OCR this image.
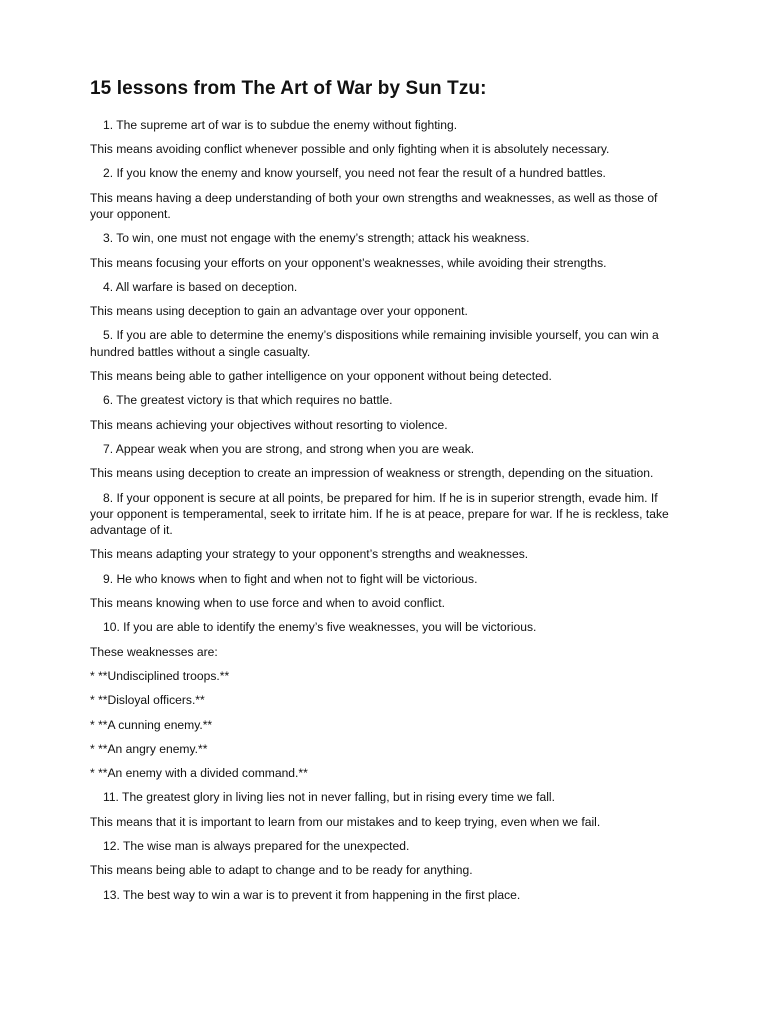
15 lessons from The Art of War by Sun Tzu:

1. The supreme art of war is to subdue the enemy without fighting.

This means avoiding conflict whenever possible and only fighting when it is absolutely necessary.

2. If you know the enemy and know yourself, you need not fear the result of a hundred battles.

This means having a deep understanding of both your own strengths and weaknesses, as well as those of your opponent.

3. To win, one must not engage with the enemy’s strength; attack his weakness.

This means focusing your efforts on your opponent’s weaknesses, while avoiding their strengths.

4. All warfare is based on deception.

This means using deception to gain an advantage over your opponent.

5. If you are able to determine the enemy’s dispositions while remaining invisible yourself, you can win a hundred battles without a single casualty.

This means being able to gather intelligence on your opponent without being detected.

6. The greatest victory is that which requires no battle.

This means achieving your objectives without resorting to violence.

7. Appear weak when you are strong, and strong when you are weak.

This means using deception to create an impression of weakness or strength, depending on the situation.

8. If your opponent is secure at all points, be prepared for him. If he is in superior strength, evade him. If your opponent is temperamental, seek to irritate him. If he is at peace, prepare for war. If he is reckless, take advantage of it.

This means adapting your strategy to your opponent’s strengths and weaknesses.

9. He who knows when to fight and when not to fight will be victorious.

This means knowing when to use force and when to avoid conflict.

10. If you are able to identify the enemy’s five weaknesses, you will be victorious.

These weaknesses are:

* **Undisciplined troops.**

* **Disloyal officers.**

* **A cunning enemy.**

* **An angry enemy.**

* **An enemy with a divided command.**

11. The greatest glory in living lies not in never falling, but in rising every time we fall.

This means that it is important to learn from our mistakes and to keep trying, even when we fail.

12. The wise man is always prepared for the unexpected.

This means being able to adapt to change and to be ready for anything.

13. The best way to win a war is to prevent it from happening in the first place.
